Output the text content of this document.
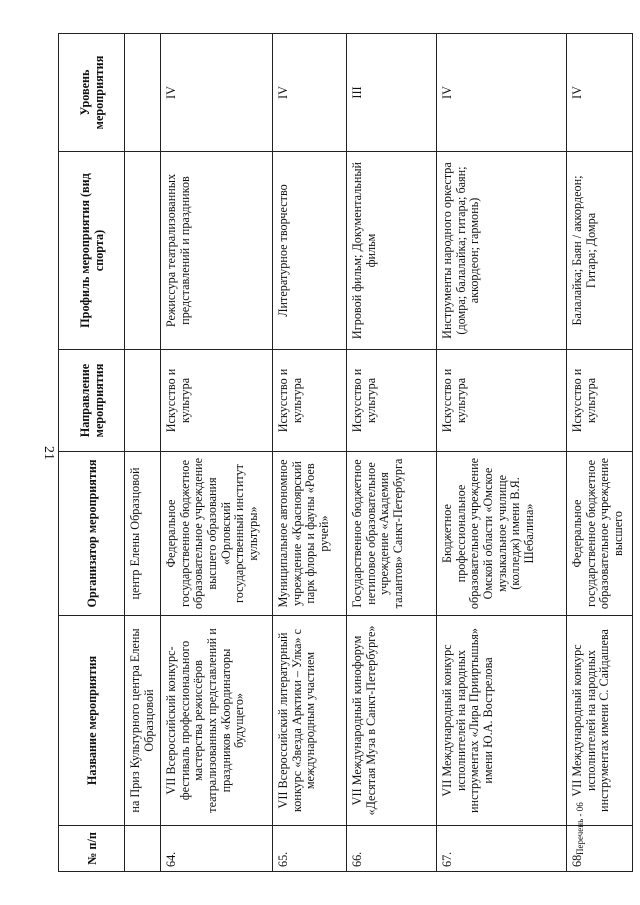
21
№ п/п	Название мероприятия	Организатор мероприятия	Направление мероприятия	Профиль мероприятия (вид спорта)	Уровень мероприятия
	на Приз Культурного центра Елены Образцовой	центр Елены Образцовой			
64.	VII Всероссийский конкурс-фестиваль профессионального мастерства режиссёров театрализованных представлений и праздников «Координаторы будущего»	Федеральное государственное бюджетное образовательное учреждение высшего образования «Орловский государственный институт культуры»	Искусство и культура	Режиссура театрализованных представлений и праздников	IV
65.	VII Всероссийский литературный конкурс «Звезда Арктики – Улка» с международным участием	Муниципальное автономное учреждение «Красноярский парк флоры и фауны «Роев ручей»	Искусство и культура	Литературное творчество	IV
66.	VII Международный кинофорум «Десятая Муза в Санкт-Петербурге»	Государственное бюджетное нетиповое образовательное учреждение «Академия талантов» Санкт-Петербурга	Искусство и культура	Игровой фильм; Документальный фильм	III
67.	VII Международный конкурс исполнителей на народных инструментах «Лира Прииртышья» имени Ю.А. Вострелова	Бюджетное профессиональное образовательное учреждение Омской области «Омское музыкальное училище (колледж) имени В.Я. Шебалина»	Искусство и культура	Инструменты народного оркестра (домра; балалайка; гитара; баян; аккордеон; гармонь)	IV
68.	VII Международный конкурс исполнителей на народных инструментах имени С. Сайдашева	Федеральное государственное бюджетное образовательное учреждение высшего	Искусство и культура	Балалайка; Баян / аккордеон; Гитара; Домра	IV
Перечень - 06
